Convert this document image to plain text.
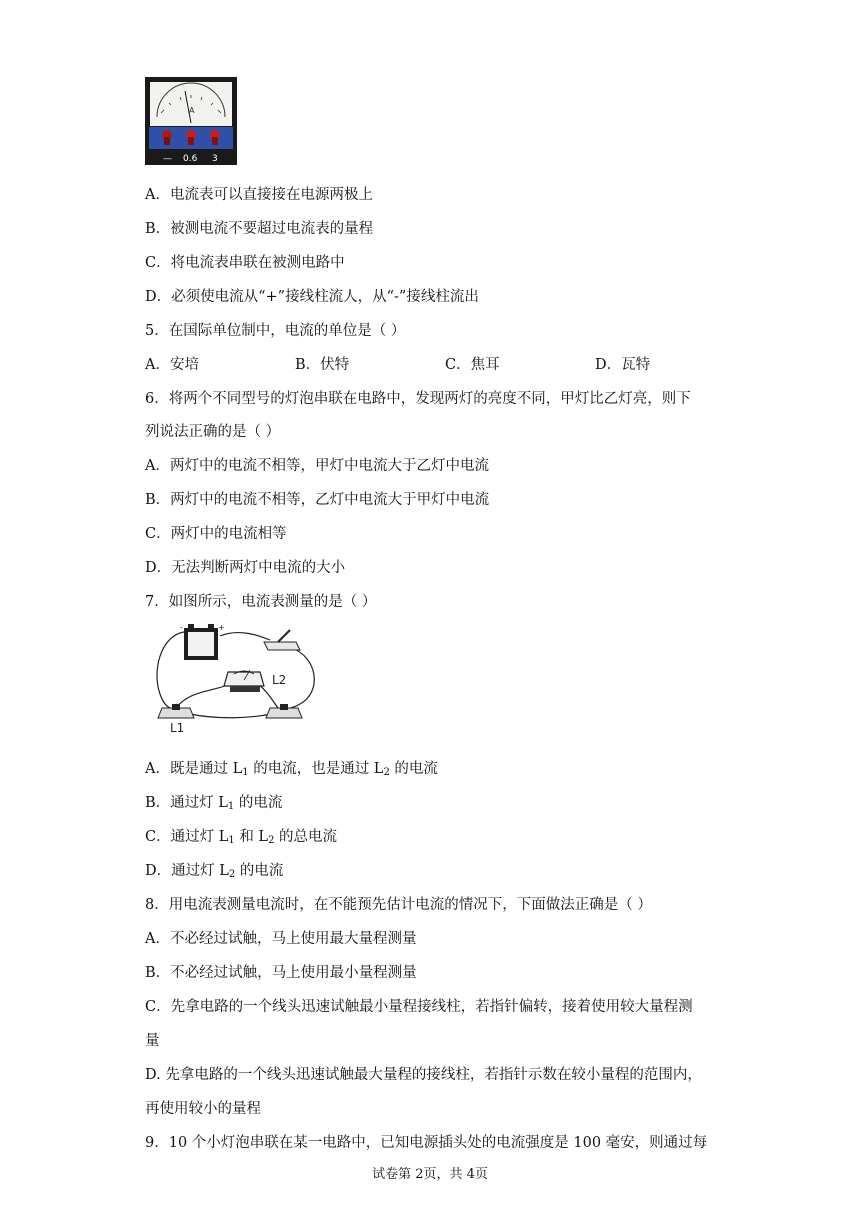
A
— 0.6 3
A．电流表可以直接接在电源两极上
B．被测电流不要超过电流表的量程
C．将电流表串联在被测电路中
D．必须使电流从“+”接线柱流人，从“-”接线柱流出
5．在国际单位制中，电流的单位是（ ）
A．安培	B．伏特	C．焦耳	D．瓦特
6．将两个不同型号的灯泡串联在电路中，发现两灯的亮度不同，甲灯比乙灯亮，则下
列说法正确的是（ ）
A．两灯中的电流不相等，甲灯中电流大于乙灯中电流
B．两灯中的电流不相等，乙灯中电流大于甲灯中电流
C．两灯中的电流相等
D．无法判断两灯中电流的大小
7．如图所示，电流表测量的是（ ）
-	+
L1
L2
A．既是通过 $L_1$ 的电流，也是通过 $L_2$ 的电流
B．通过灯 $L_1$ 的电流
C．通过灯 $L_1$ 和 $L_2$ 的总电流
D．通过灯 $L_2$ 的电流
8．用电流表测量电流时，在不能预先估计电流的情况下，下面做法正确是（ ）
A．不必经过试触，马上使用最大量程测量
B．不必经过试触，马上使用最小量程测量
C．先拿电路的一个线头迅速试触最小量程接线柱，若指针偏转，接着使用较大量程测
量
D. 先拿电路的一个线头迅速试触最大量程的接线柱，若指针示数在较小量程的范围内，
再使用较小的量程
9．10 个小灯泡串联在某一电路中，已知电源插头处的电流强度是 100 毫安，则通过每
试卷第 2页，共 4页
